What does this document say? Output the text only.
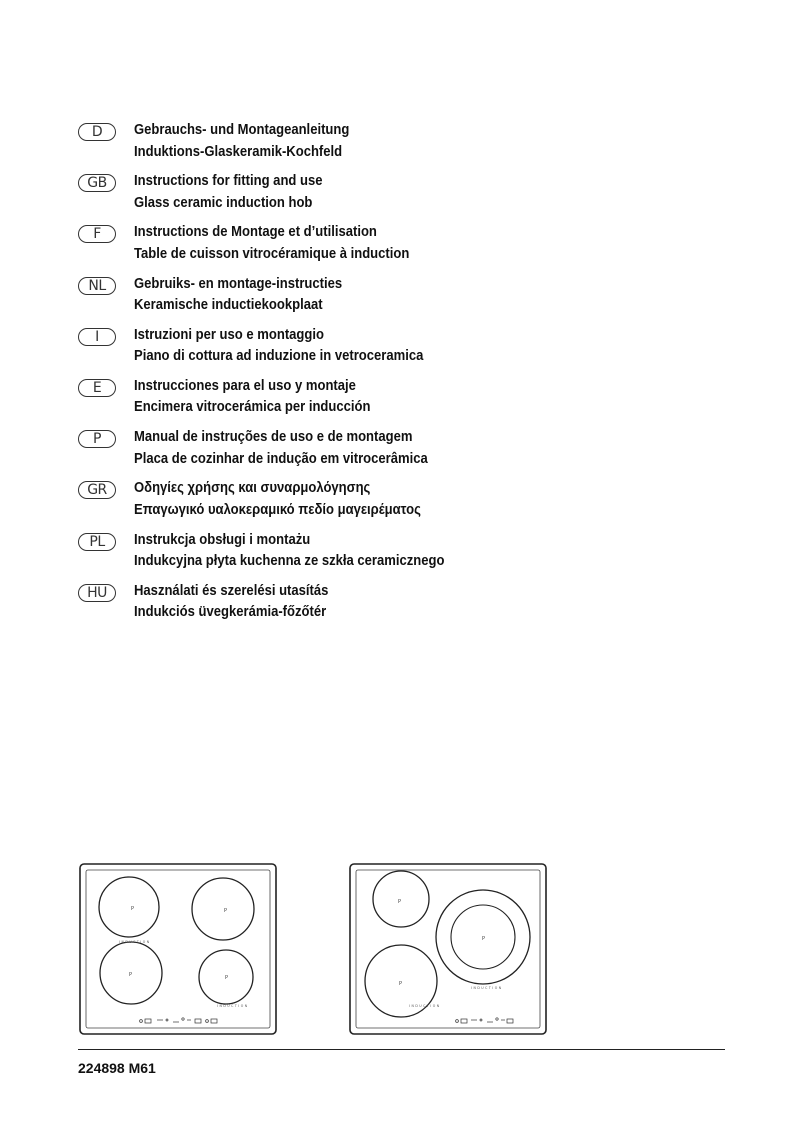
D	Gebrauchs- und Montageanleitung
Induktions-Glaskeramik-Kochfeld
GB	Instructions for fitting and use
Glass ceramic induction hob
F	Instructions de Montage et d’utilisation
Table de cuisson vitrocéramique à induction
NL	Gebruiks- en montage-instructies
Keramische inductiekookplaat
I	Istruzioni per uso e montaggio
Piano di cottura ad induzione in vetroceramica
E	Instrucciones para el uso y montaje
Encimera vitrocerámica per inducción
P	Manual de instruções de uso e de montagem
Placa de cozinhar de indução em vitrocerâmica
GR	Οδηγίες χρήσης και συναρμολόγησης
Επαγωγικό υαλοκεραμικό πεδίο μαγειρέματος
PL	Instrukcja obsługi i montażu
Indukcyjna płyta kuchenna ze szkła ceramicznego
HU	Használati és szerelési utasítás
Indukciós üvegkerámia-főzőtér
P	P
P	P
INDUCTION
INDUCTION
P
P
P
INDUCTION
INDUCTION
224898 M61
